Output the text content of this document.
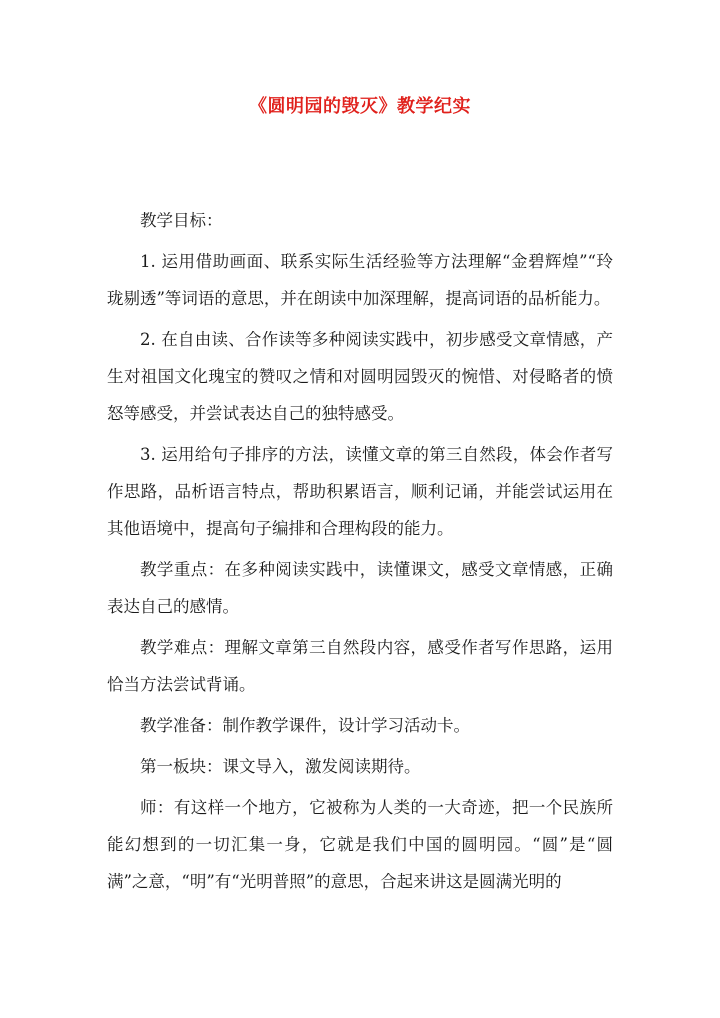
《圆明园的毁灭》教学纪实

教学目标：

1. 运用借助画面、联系实际生活经验等方法理解“金碧辉煌”“玲珑剔透”等词语的意思，并在朗读中加深理解，提高词语的品析能力。

2. 在自由读、合作读等多种阅读实践中，初步感受文章情感，产生对祖国文化瑰宝的赞叹之情和对圆明园毁灭的惋惜、对侵略者的愤怒等感受，并尝试表达自己的独特感受。

3. 运用给句子排序的方法，读懂文章的第三自然段，体会作者写作思路，品析语言特点，帮助积累语言，顺利记诵，并能尝试运用在其他语境中，提高句子编排和合理构段的能力。

教学重点：在多种阅读实践中，读懂课文，感受文章情感，正确表达自己的感情。

教学难点：理解文章第三自然段内容，感受作者写作思路，运用恰当方法尝试背诵。

教学准备：制作教学课件，设计学习活动卡。

第一板块：课文导入，激发阅读期待。

师：有这样一个地方，它被称为人类的一大奇迹，把一个民族所能幻想到的一切汇集一身，它就是我们中国的圆明园。“圆”是“圆满”之意，“明”有“光明普照”的意思，合起来讲这是圆满光明的
